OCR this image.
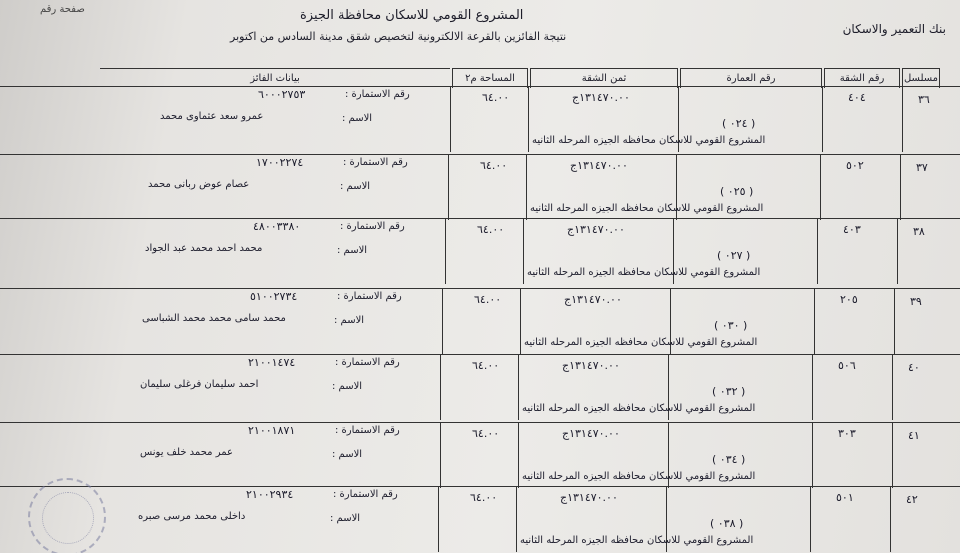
صفحة رقم	المشروع القومي للاسكان محافظة الجيزة
نتيجة الفائزين بالقرعة الالكترونية لتخصيص شقق مدينة السادس من اكتوبر
بنك التعمير والاسكان
مسلسل
رقم الشقة
رقم العمارة
ثمن الشقة
المساحة م٢
بيانات الفائز
٣٦
٤٠٤
( ٠٢٤ )
المشروع القومي للاسكان محافظه الجيزه المرحله الثانيه
١٣١٤٧٠.٠٠ج
٦٤.٠٠
رقم الاستمارة :
٦٠٠٠٢٧٥٣
الاسم :
عمرو سعد عثماوى محمد
٣٧
٥٠٢
( ٠٢٥ )
المشروع القومي للاسكان محافظه الجيزه المرحله الثانيه
١٣١٤٧٠.٠٠ج
٦٤.٠٠
رقم الاستمارة :
١٧٠٠٢٢٧٤
الاسم :
عصام عوض ربانى محمد
٣٨
٤٠٣
( ٠٢٧ )
المشروع القومي للاسكان محافظه الجيزه المرحله الثانيه
١٣١٤٧٠.٠٠ج
٦٤.٠٠
رقم الاستمارة :
٤٨٠٠٣٣٨٠
الاسم :
محمد احمد محمد عبد الجواد
٣٩
٢٠٥
( ٠٣٠ )
المشروع القومي للاسكان محافظه الجيزه المرحله الثانيه
١٣١٤٧٠.٠٠ج
٦٤.٠٠
رقم الاستمارة :
٥١٠٠٢٧٣٤
الاسم :
محمد سامى محمد محمد الشباسى
٤٠
٥٠٦
( ٠٣٢ )
المشروع القومي للاسكان محافظه الجيزه المرحله الثانيه
١٣١٤٧٠.٠٠ج
٦٤.٠٠
رقم الاستمارة :
٢١٠٠١٤٧٤
الاسم :
احمد سليمان فرغلى سليمان
٤١
٣٠٣
( ٠٣٤ )
المشروع القومي للاسكان محافظه الجيزه المرحله الثانيه
١٣١٤٧٠.٠٠ج
٦٤.٠٠
رقم الاستمارة :
٢١٠٠١٨٧١
الاسم :
عمر محمد خلف يونس
٤٢
٥٠١
( ٠٣٨ )
المشروع القومي للاسكان محافظه الجيزه المرحله الثانيه
١٣١٤٧٠.٠٠ج
٦٤.٠٠
رقم الاستمارة :
٢١٠٠٢٩٣٤
الاسم :
داخلى محمد مرسى صبره
